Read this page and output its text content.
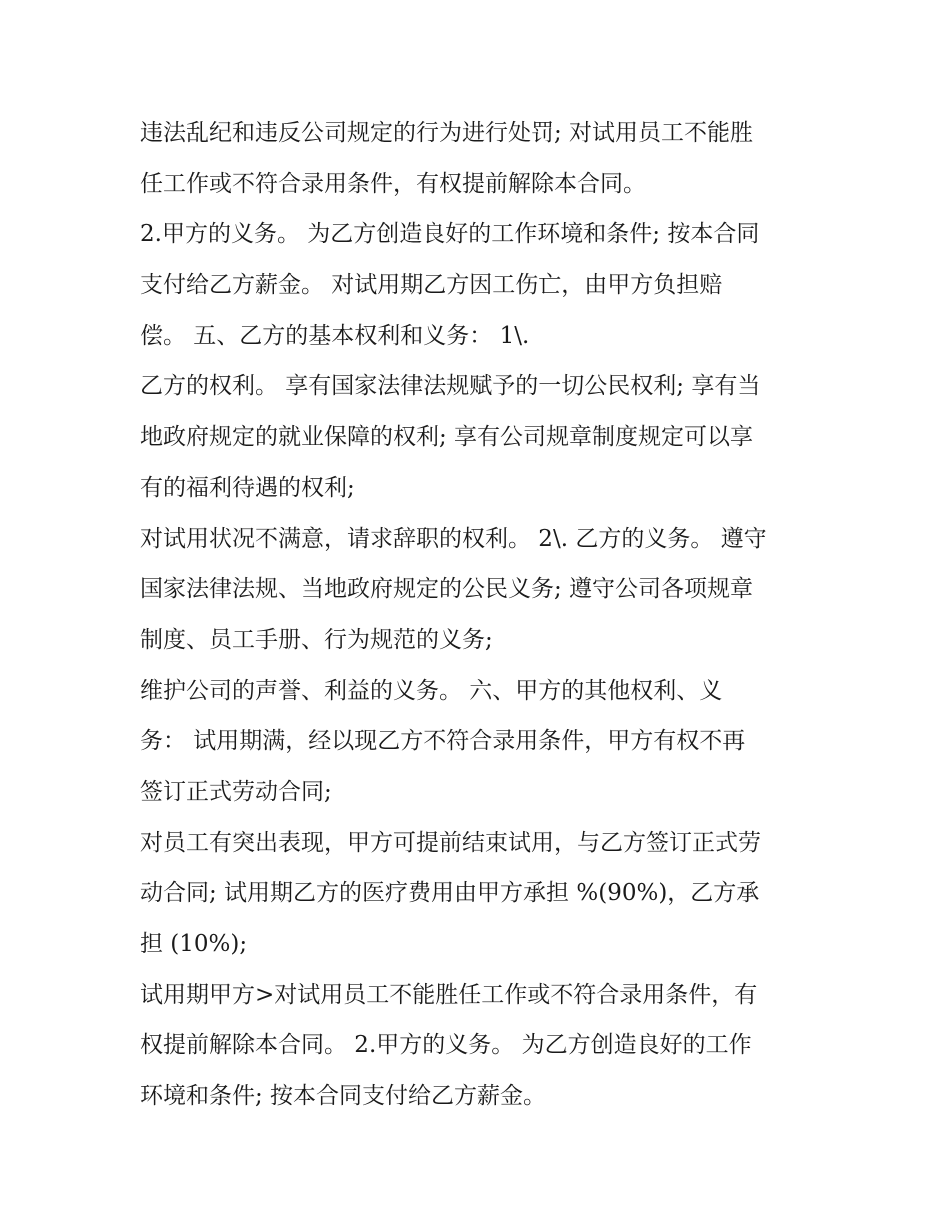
违法乱纪和违反公司规定的行为进行处罚; 对试用员工不能胜
任工作或不符合录用条件，有权提前解除本合同。
2.甲方的义务。 为乙方创造良好的工作环境和条件; 按本合同
支付给乙方薪金。 对试用期乙方因工伤亡，由甲方负担赔
偿。 五、乙方的基本权利和义务： 1\.
乙方的权利。 享有国家法律法规赋予的一切公民权利; 享有当
地政府规定的就业保障的权利; 享有公司规章制度规定可以享
有的福利待遇的权利;
对试用状况不满意，请求辞职的权利。 2\. 乙方的义务。 遵守
国家法律法规、当地政府规定的公民义务; 遵守公司各项规章
制度、员工手册、行为规范的义务;
维护公司的声誉、利益的义务。 六、甲方的其他权利、义
务： 试用期满，经以现乙方不符合录用条件，甲方有权不再
签订正式劳动合同;
对员工有突出表现，甲方可提前结束试用，与乙方签订正式劳
动合同; 试用期乙方的医疗费用由甲方承担 %(90%)，乙方承
担 (10%);
试用期甲方>对试用员工不能胜任工作或不符合录用条件，有
权提前解除本合同。 2.甲方的义务。 为乙方创造良好的工作
环境和条件; 按本合同支付给乙方薪金。
